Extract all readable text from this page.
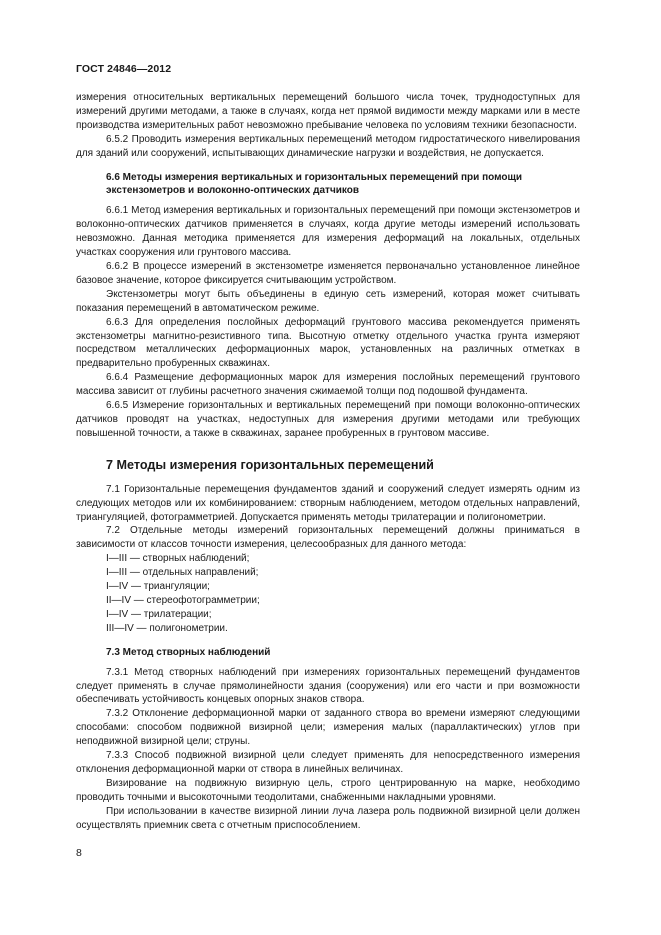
ГОСТ 24846—2012

измерения относительных вертикальных перемещений большого числа точек, труднодоступных для измерений другими методами, а также в случаях, когда нет прямой видимости между марками или в месте производства измерительных работ невозможно пребывание человека по условиям техники безопасности.

6.5.2 Проводить измерения вертикальных перемещений методом гидростатического нивелирования для зданий или сооружений, испытывающих динамические нагрузки и воздействия, не допускается.

6.6 Методы измерения вертикальных и горизонтальных перемещений при помощи экстензометров и волоконно-оптических датчиков

6.6.1 Метод измерения вертикальных и горизонтальных перемещений при помощи экстензометров и волоконно-оптических датчиков применяется в случаях, когда другие методы измерений использовать невозможно. Данная методика применяется для измерения деформаций на локальных, отдельных участках сооружения или грунтового массива.

6.6.2 В процессе измерений в экстензометре изменяется первоначально установленное линейное базовое значение, которое фиксируется считывающим устройством.

Экстензометры могут быть объединены в единую сеть измерений, которая может считывать показания перемещений в автоматическом режиме.

6.6.3 Для определения послойных деформаций грунтового массива рекомендуется применять экстензометры магнитно-резистивного типа. Высотную отметку отдельного участка грунта измеряют посредством металлических деформационных марок, установленных на различных отметках в предварительно пробуренных скважинах.

6.6.4 Размещение деформационных марок для измерения послойных перемещений грунтового массива зависит от глубины расчетного значения сжимаемой толщи под подошвой фундамента.

6.6.5 Измерение горизонтальных и вертикальных перемещений при помощи волоконно-оптических датчиков проводят на участках, недоступных для измерения другими методами или требующих повышенной точности, а также в скважинах, заранее пробуренных в грунтовом массиве.

7 Методы измерения горизонтальных перемещений

7.1 Горизонтальные перемещения фундаментов зданий и сооружений следует измерять одним из следующих методов или их комбинированием: створным наблюдением, методом отдельных направлений, триангуляцией, фотограмметрией. Допускается применять методы трилатерации и полигонометрии.

7.2 Отдельные методы измерений горизонтальных перемещений должны приниматься в зависимости от классов точности измерения, целесообразных для данного метода:

I—III — створных наблюдений;

I—III — отдельных направлений;

I—IV — триангуляции;

II—IV — стереофотограмметрии;

I—IV — трилатерации;

III—IV — полигонометрии.

7.3 Метод створных наблюдений

7.3.1 Метод створных наблюдений при измерениях горизонтальных перемещений фундаментов следует применять в случае прямолинейности здания (сооружения) или его части и при возможности обеспечивать устойчивость концевых опорных знаков створа.

7.3.2 Отклонение деформационной марки от заданного створа во времени измеряют следующими способами: способом подвижной визирной цели; измерения малых (параллактических) углов при неподвижной визирной цели; струны.

7.3.3 Способ подвижной визирной цели следует применять для непосредственного измерения отклонения деформационной марки от створа в линейных величинах.

Визирование на подвижную визирную цель, строго центрированную на марке, необходимо проводить точными и высокоточными теодолитами, снабженными накладными уровнями.

При использовании в качестве визирной линии луча лазера роль подвижной визирной цели должен осуществлять приемник света с отчетным приспособлением.

8
